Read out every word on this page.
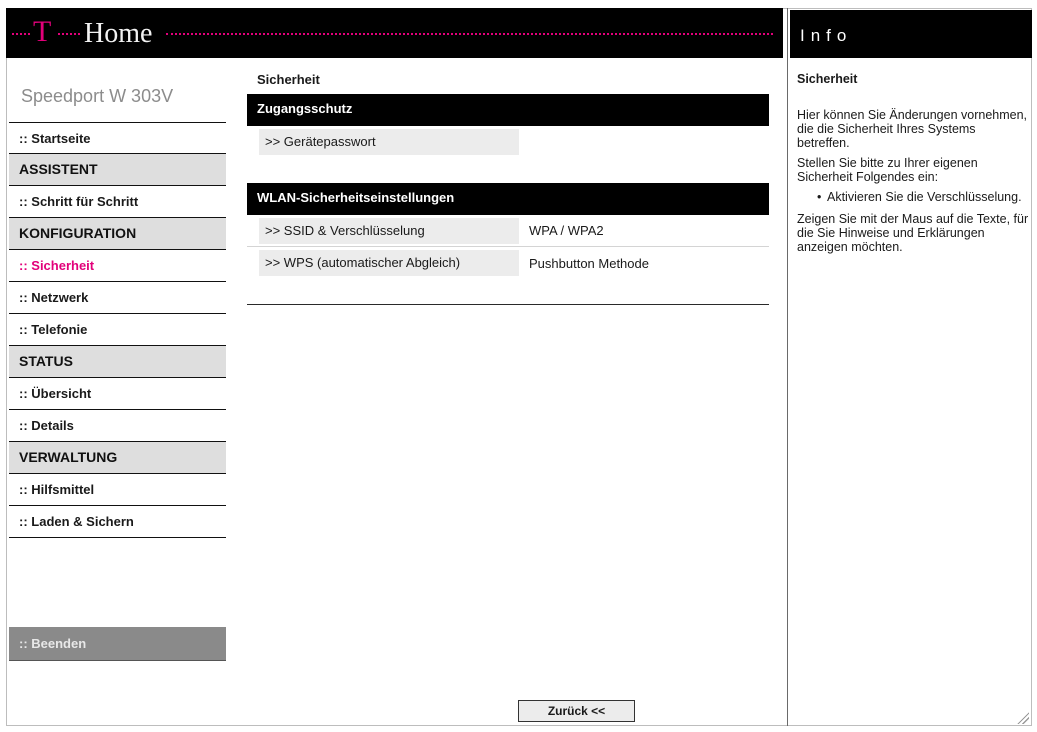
T Home	Info
Sicherheit

Hier können Sie Änderungen vornehmen, die die Sicherheit Ihres Systems betreffen.

Stellen Sie bitte zu Ihrer eigenen Sicherheit Folgendes ein:

• Aktivieren Sie die Verschlüsselung.

Zeigen Sie mit der Maus auf die Texte, für die Sie Hinweise und Erklärungen anzeigen möchten.

Speedport W 303V
:: Startseite
ASSISTENT
:: Schritt für Schritt
KONFIGURATION
:: Sicherheit
:: Netzwerk
:: Telefonie
STATUS
:: Übersicht
:: Details
VERWALTUNG
:: Hilfsmittel
:: Laden & Sichern
:: Beenden
Sicherheit
Zugangsschutz
>> Gerätepasswort
WLAN-Sicherheitseinstellungen
>> SSID & Verschlüsselung	WPA / WPA2
>> WPS (automatischer Abgleich)	Pushbutton Methode
Zurück <<
